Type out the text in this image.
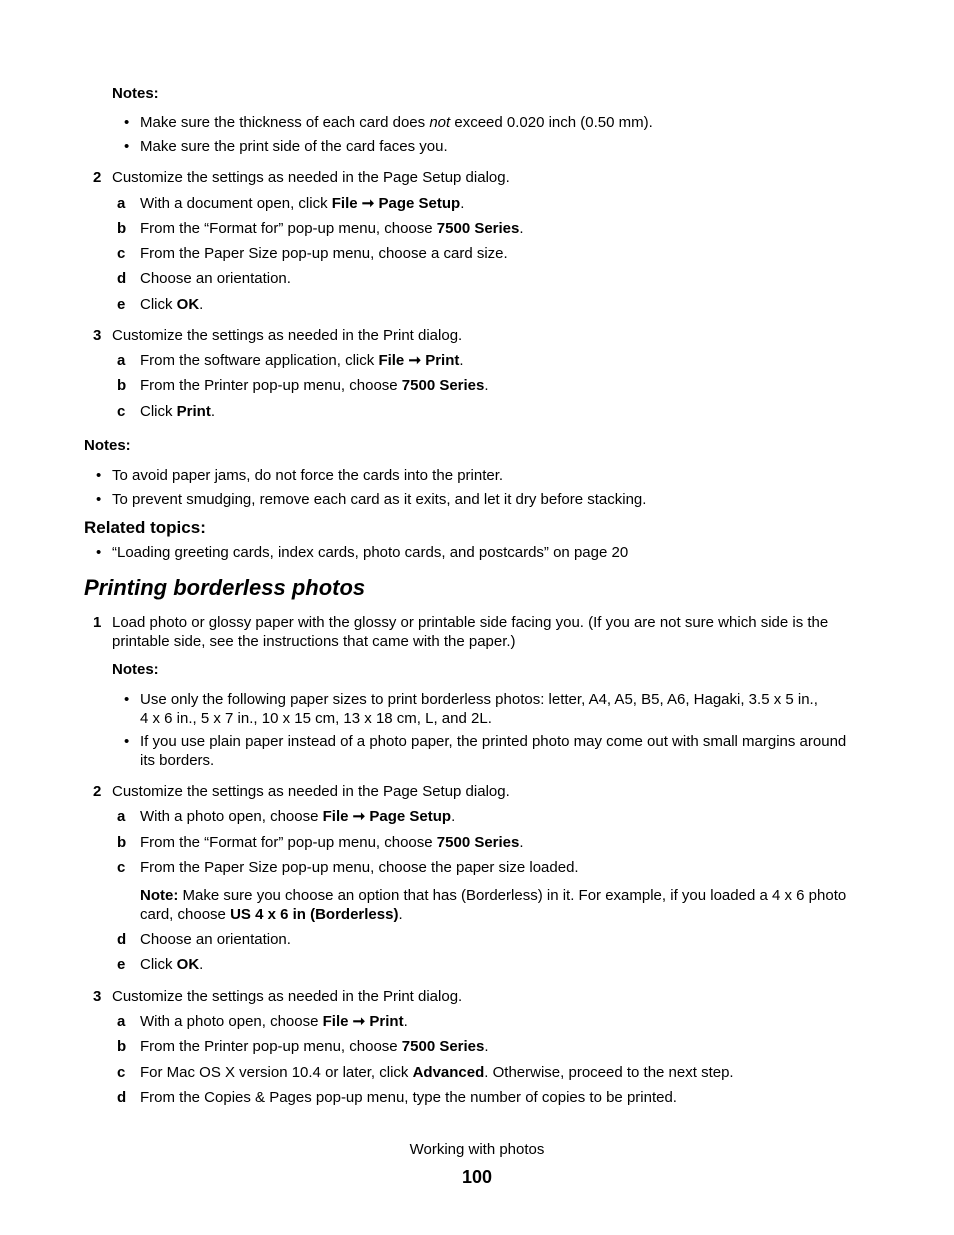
Notes:
• Make sure the thickness of each card does not exceed 0.020 inch (0.50 mm).
• Make sure the print side of the card faces you.
2 Customize the settings as needed in the Page Setup dialog.
a With a document open, click File ➞ Page Setup.
b From the “Format for” pop-up menu, choose 7500 Series.
c From the Paper Size pop-up menu, choose a card size.
d Choose an orientation.
e Click OK.
3 Customize the settings as needed in the Print dialog.
a From the software application, click File ➞ Print.
b From the Printer pop-up menu, choose 7500 Series.
c Click Print.
Notes:
• To avoid paper jams, do not force the cards into the printer.
• To prevent smudging, remove each card as it exits, and let it dry before stacking.
Related topics:
• “Loading greeting cards, index cards, photo cards, and postcards” on page 20
Printing borderless photos
1 Load photo or glossy paper with the glossy or printable side facing you. (If you are not sure which side is the
printable side, see the instructions that came with the paper.)
Notes:
• Use only the following paper sizes to print borderless photos: letter, A4, A5, B5, A6, Hagaki, 3.5 x 5 in.,
4 x 6 in., 5 x 7 in., 10 x 15 cm, 13 x 18 cm, L, and 2L.
• If you use plain paper instead of a photo paper, the printed photo may come out with small margins around
its borders.
2 Customize the settings as needed in the Page Setup dialog.
a With a photo open, choose File ➞ Page Setup.
b From the “Format for” pop-up menu, choose 7500 Series.
c From the Paper Size pop-up menu, choose the paper size loaded.
Note: Make sure you choose an option that has (Borderless) in it. For example, if you loaded a 4 x 6 photo
card, choose US 4 x 6 in (Borderless).
d Choose an orientation.
e Click OK.
3 Customize the settings as needed in the Print dialog.
a With a photo open, choose File ➞ Print.
b From the Printer pop-up menu, choose 7500 Series.
c For Mac OS X version 10.4 or later, click Advanced. Otherwise, proceed to the next step.
d From the Copies & Pages pop-up menu, type the number of copies to be printed.
Working with photos
100
